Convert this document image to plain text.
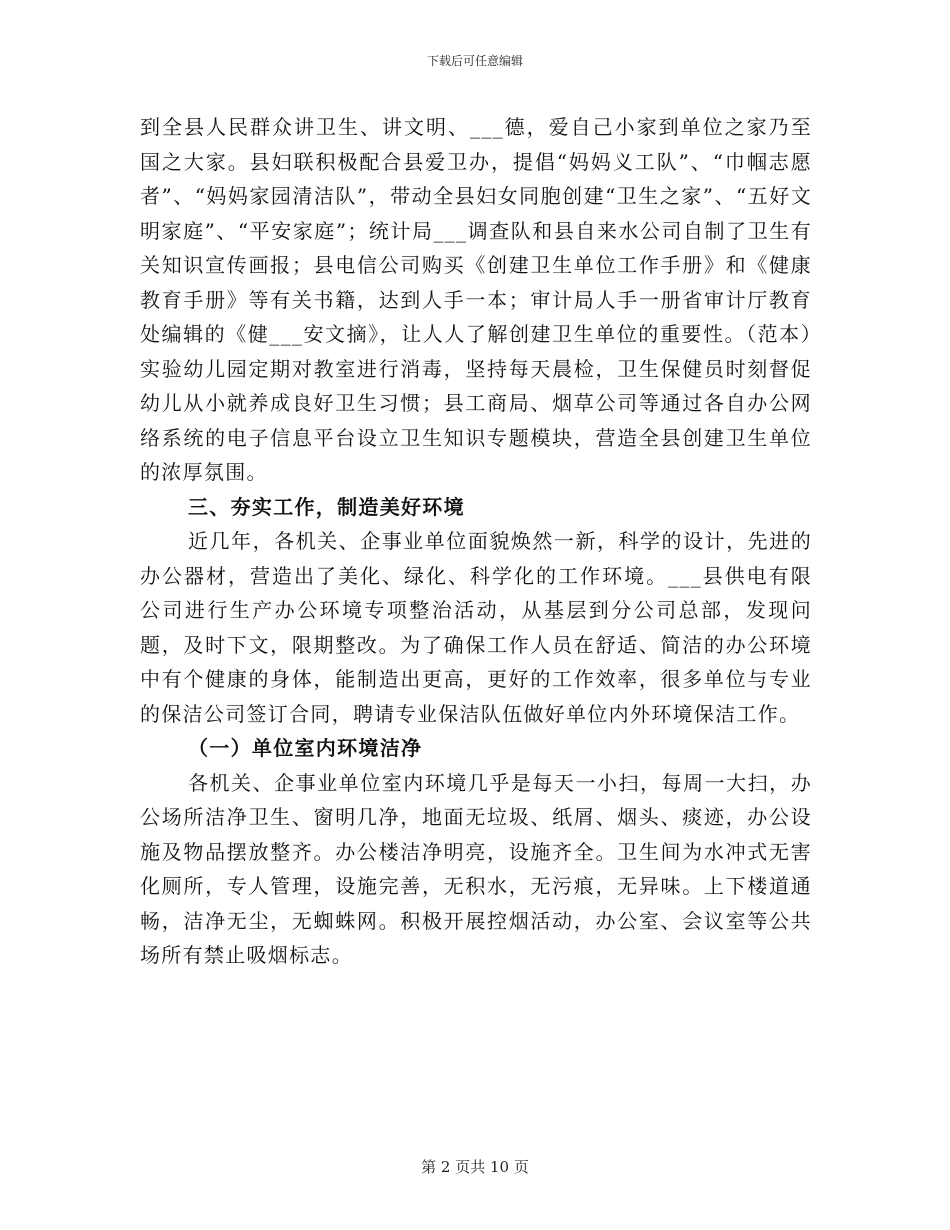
下载后可任意编辑

到全县人民群众讲卫生、讲文明、___德，爱自己小家到单位之家乃至国之大家。县妇联积极配合县爱卫办，提倡“妈妈义工队”、“巾帼志愿者”、“妈妈家园清洁队”，带动全县妇女同胞创建“卫生之家”、“五好文明家庭”、“平安家庭”；统计局___调查队和县自来水公司自制了卫生有关知识宣传画报；县电信公司购买《创建卫生单位工作手册》和《健康教育手册》等有关书籍，达到人手一本；审计局人手一册省审计厅教育处编辑的《健___安文摘》，让人人了解创建卫生单位的重要性。（范本）实验幼儿园定期对教室进行消毒，坚持每天晨检，卫生保健员时刻督促幼儿从小就养成良好卫生习惯；县工商局、烟草公司等通过各自办公网络系统的电子信息平台设立卫生知识专题模块，营造全县创建卫生单位的浓厚氛围。

三、夯实工作，制造美好环境

近几年，各机关、企事业单位面貌焕然一新，科学的设计，先进的办公器材，营造出了美化、绿化、科学化的工作环境。___县供电有限公司进行生产办公环境专项整治活动，从基层到分公司总部，发现问题，及时下文，限期整改。为了确保工作人员在舒适、简洁的办公环境中有个健康的身体，能制造出更高，更好的工作效率，很多单位与专业的保洁公司签订合同，聘请专业保洁队伍做好单位内外环境保洁工作。

（一）单位室内环境洁净

各机关、企事业单位室内环境几乎是每天一小扫，每周一大扫，办公场所洁净卫生、窗明几净，地面无垃圾、纸屑、烟头、痰迹，办公设施及物品摆放整齐。办公楼洁净明亮，设施齐全。卫生间为水冲式无害化厕所，专人管理，设施完善，无积水，无污痕，无异味。上下楼道通畅，洁净无尘，无蜘蛛网。积极开展控烟活动，办公室、会议室等公共场所有禁止吸烟标志。

第 2 页共 10 页
